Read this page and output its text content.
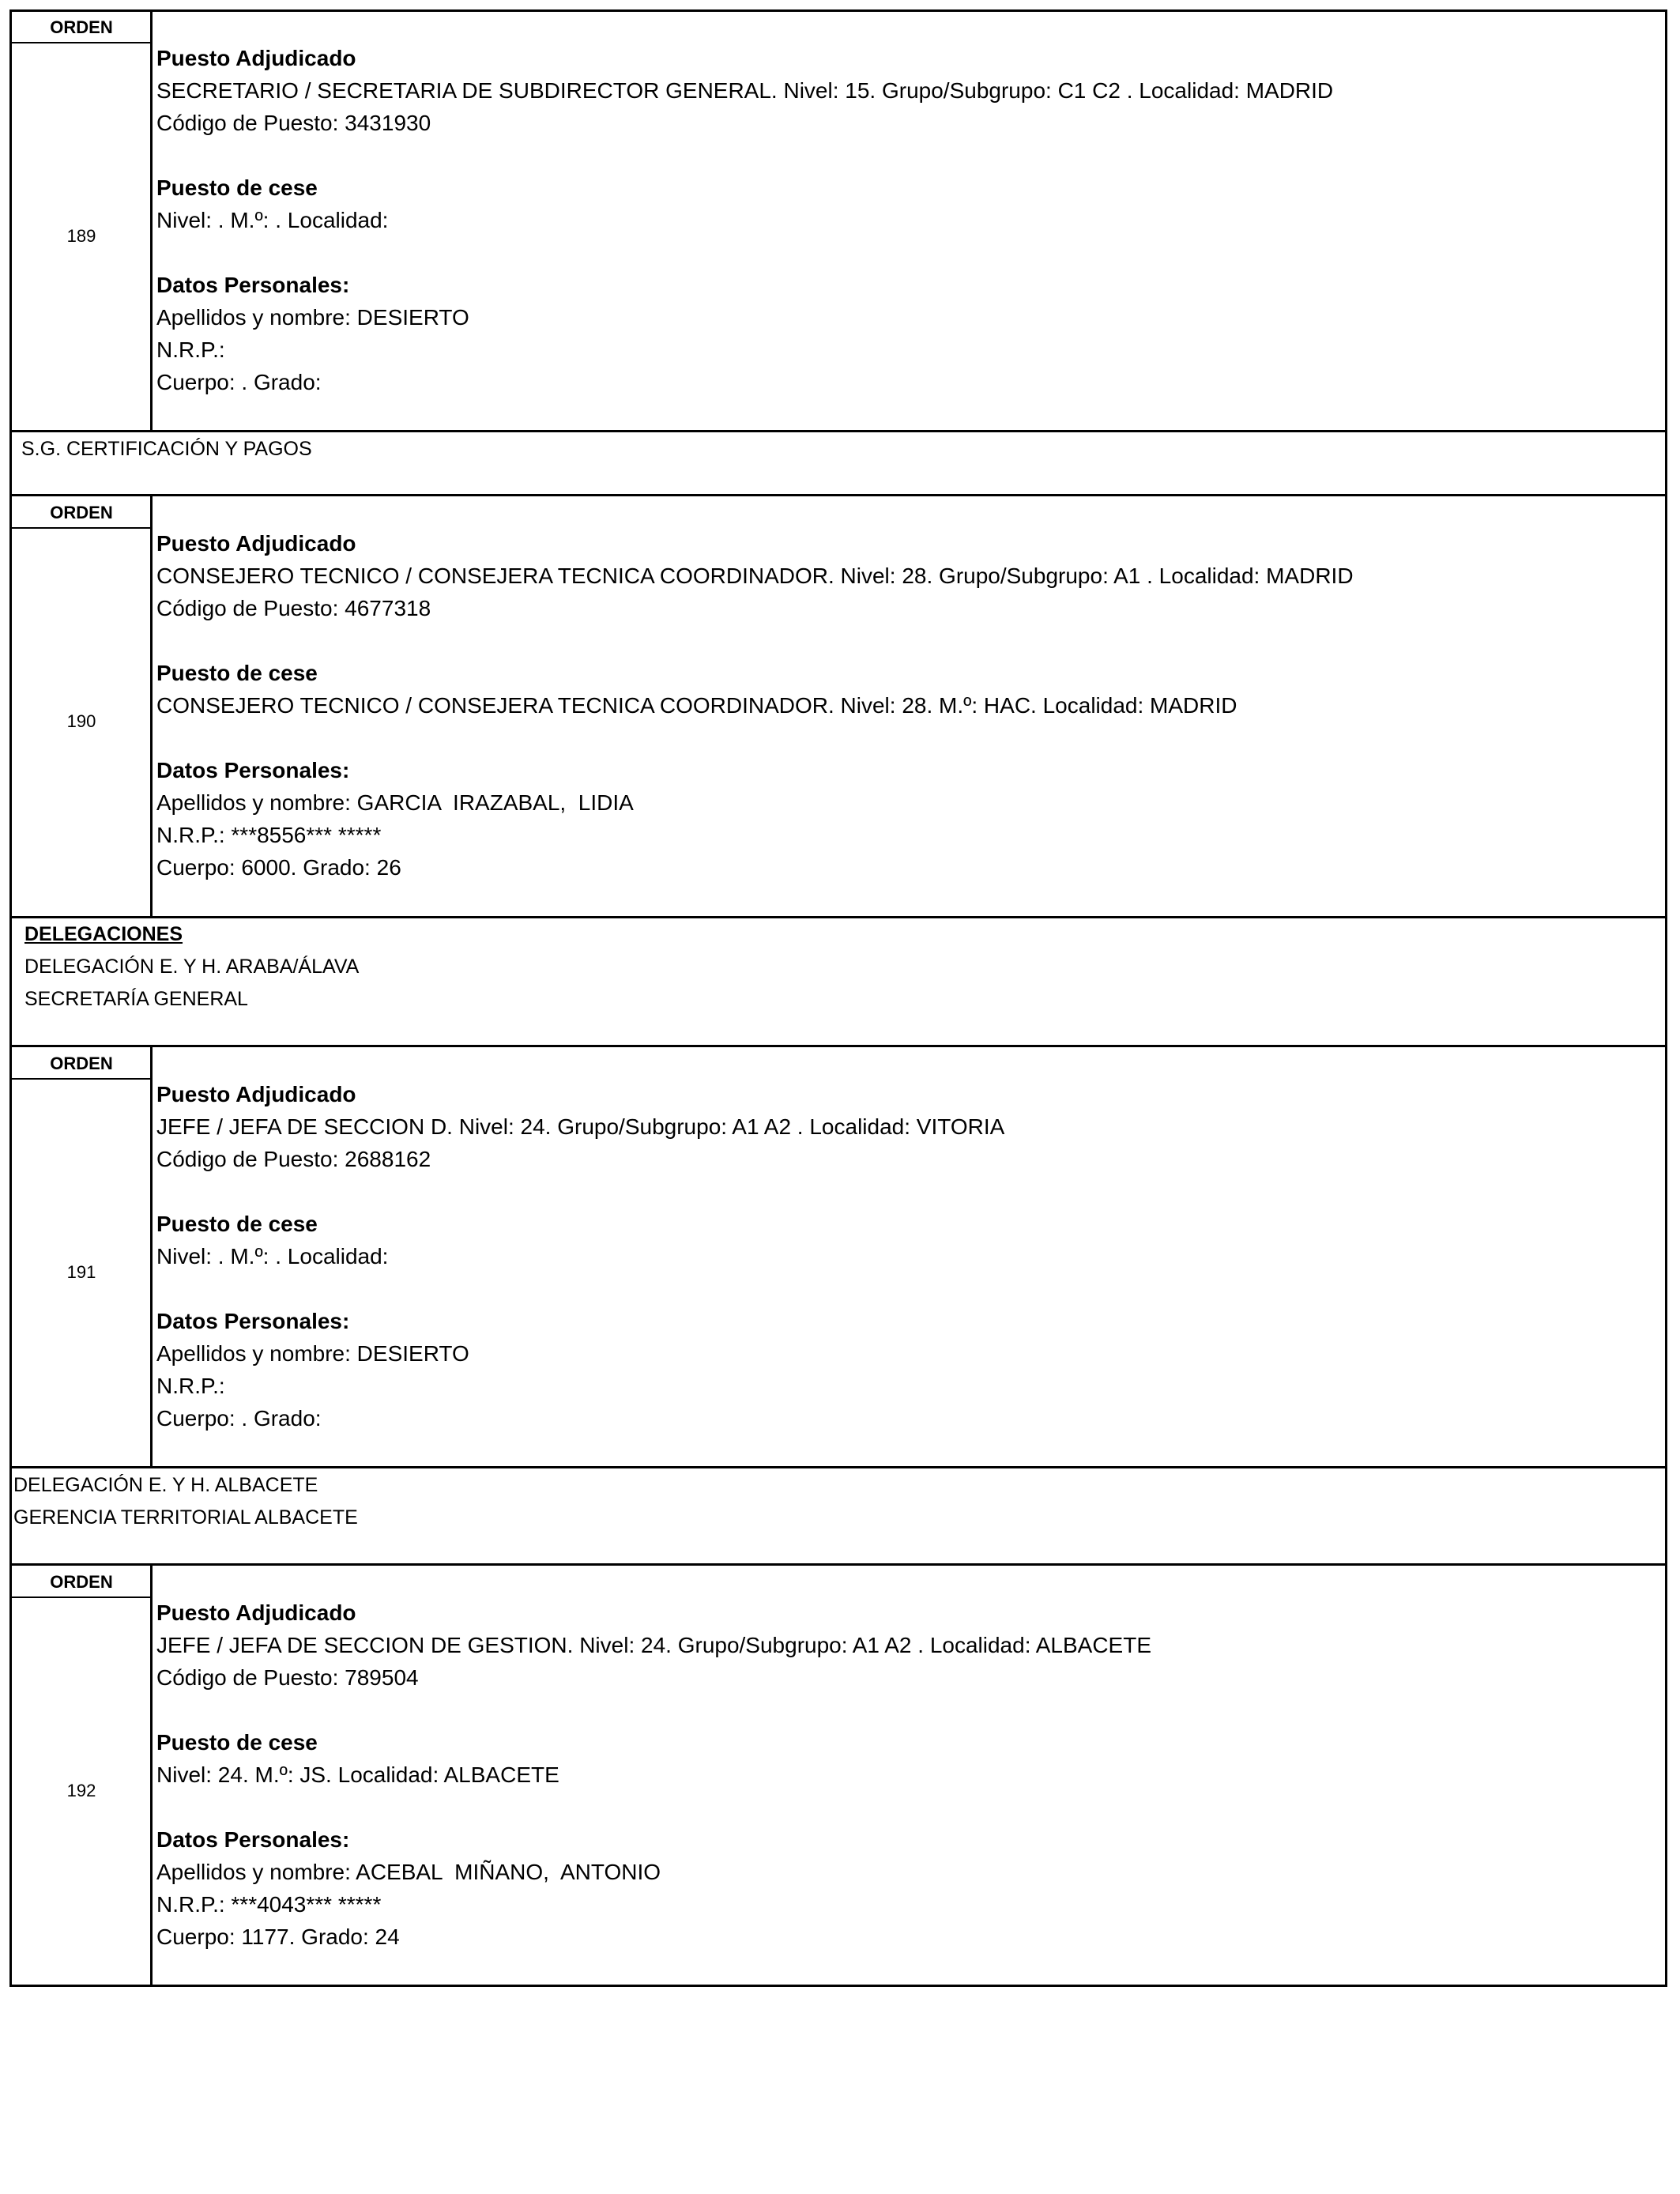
ORDEN
189
Puesto Adjudicado
SECRETARIO / SECRETARIA DE SUBDIRECTOR GENERAL. Nivel: 15. Grupo/Subgrupo: C1 C2 . Localidad: MADRID
Código de Puesto: 3431930
Puesto de cese
Nivel: . M.º: . Localidad:
Datos Personales:
Apellidos y nombre: DESIERTO
N.R.P.:
Cuerpo: . Grado:
S.G. CERTIFICACIÓN Y PAGOS
ORDEN
190
Puesto Adjudicado
CONSEJERO TECNICO / CONSEJERA TECNICA COORDINADOR. Nivel: 28. Grupo/Subgrupo: A1 . Localidad: MADRID
Código de Puesto: 4677318
Puesto de cese
CONSEJERO TECNICO / CONSEJERA TECNICA COORDINADOR. Nivel: 28. M.º: HAC. Localidad: MADRID
Datos Personales:
Apellidos y nombre: GARCIA  IRAZABAL,  LIDIA
N.R.P.: ***8556*** *****
Cuerpo: 6000. Grado: 26
DELEGACIONES
DELEGACIÓN E. Y H. ARABA/ÁLAVA
SECRETARÍA GENERAL
ORDEN
191
Puesto Adjudicado
JEFE / JEFA DE SECCION D. Nivel: 24. Grupo/Subgrupo: A1 A2 . Localidad: VITORIA
Código de Puesto: 2688162
Puesto de cese
Nivel: . M.º: . Localidad:
Datos Personales:
Apellidos y nombre: DESIERTO
N.R.P.:
Cuerpo: . Grado:
DELEGACIÓN E. Y H. ALBACETE
GERENCIA TERRITORIAL ALBACETE
ORDEN
192
Puesto Adjudicado
JEFE / JEFA DE SECCION DE GESTION. Nivel: 24. Grupo/Subgrupo: A1 A2 . Localidad: ALBACETE
Código de Puesto: 789504
Puesto de cese
Nivel: 24. M.º: JS. Localidad: ALBACETE
Datos Personales:
Apellidos y nombre: ACEBAL  MIÑANO,  ANTONIO
N.R.P.: ***4043*** *****
Cuerpo: 1177. Grado: 24
